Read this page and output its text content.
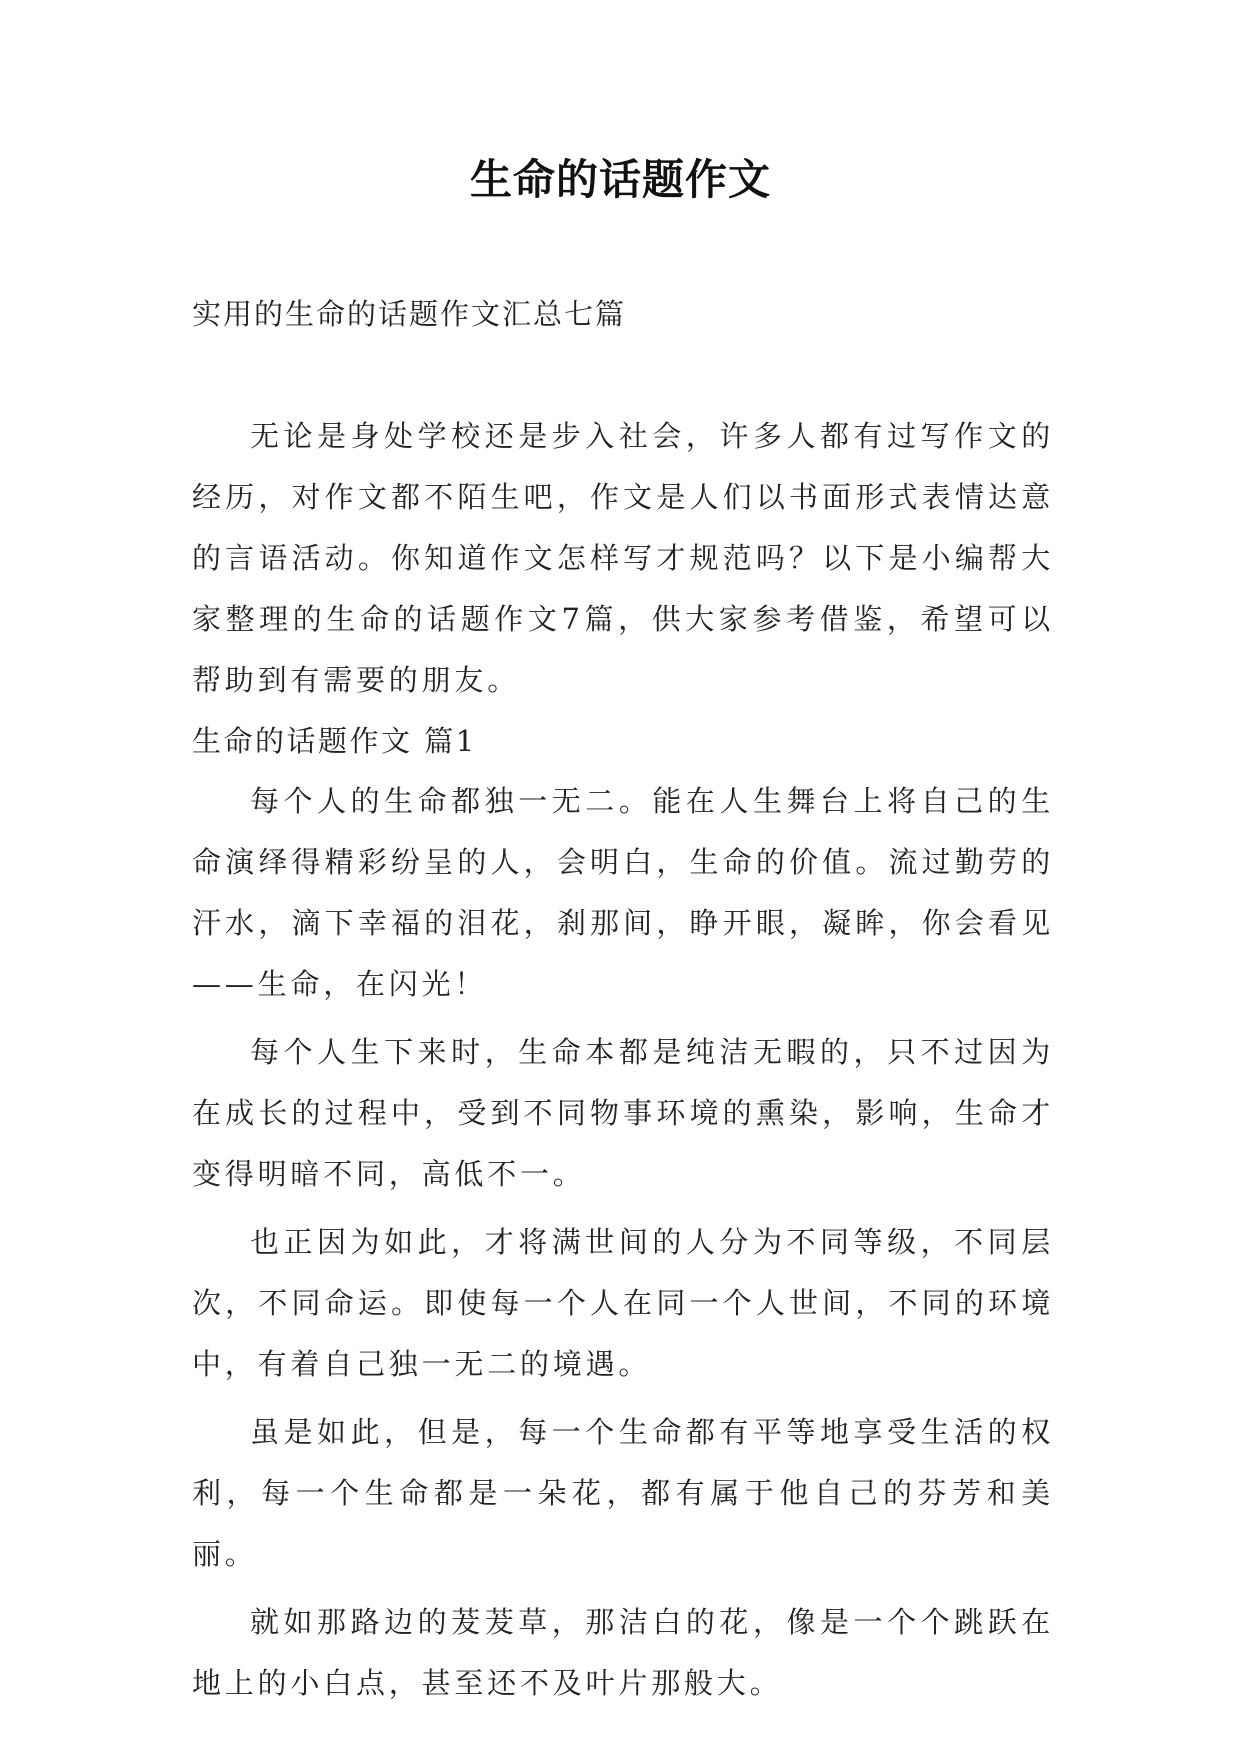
生命的话题作文

实用的生命的话题作文汇总七篇

无论是身处学校还是步入社会，许多人都有过写作文的经历，对作文都不陌生吧，作文是人们以书面形式表情达意的言语活动。你知道作文怎样写才规范吗？以下是小编帮大家整理的生命的话题作文7篇，供大家参考借鉴，希望可以帮助到有需要的朋友。

生命的话题作文 篇1

每个人的生命都独一无二。能在人生舞台上将自己的生命演绎得精彩纷呈的人，会明白，生命的价值。流过勤劳的汗水，滴下幸福的泪花，刹那间，睁开眼，凝眸，你会看见——生命，在闪光！

每个人生下来时，生命本都是纯洁无暇的，只不过因为在成长的过程中，受到不同物事环境的熏染，影响，生命才变得明暗不同，高低不一。

也正因为如此，才将满世间的人分为不同等级，不同层次，不同命运。即使每一个人在同一个人世间，不同的环境中，有着自己独一无二的境遇。

虽是如此，但是，每一个生命都有平等地享受生活的权利，每一个生命都是一朵花，都有属于他自己的芬芳和美丽。

就如那路边的茇茇草，那洁白的花，像是一个个跳跃在地上的小白点，甚至还不及叶片那般大。
